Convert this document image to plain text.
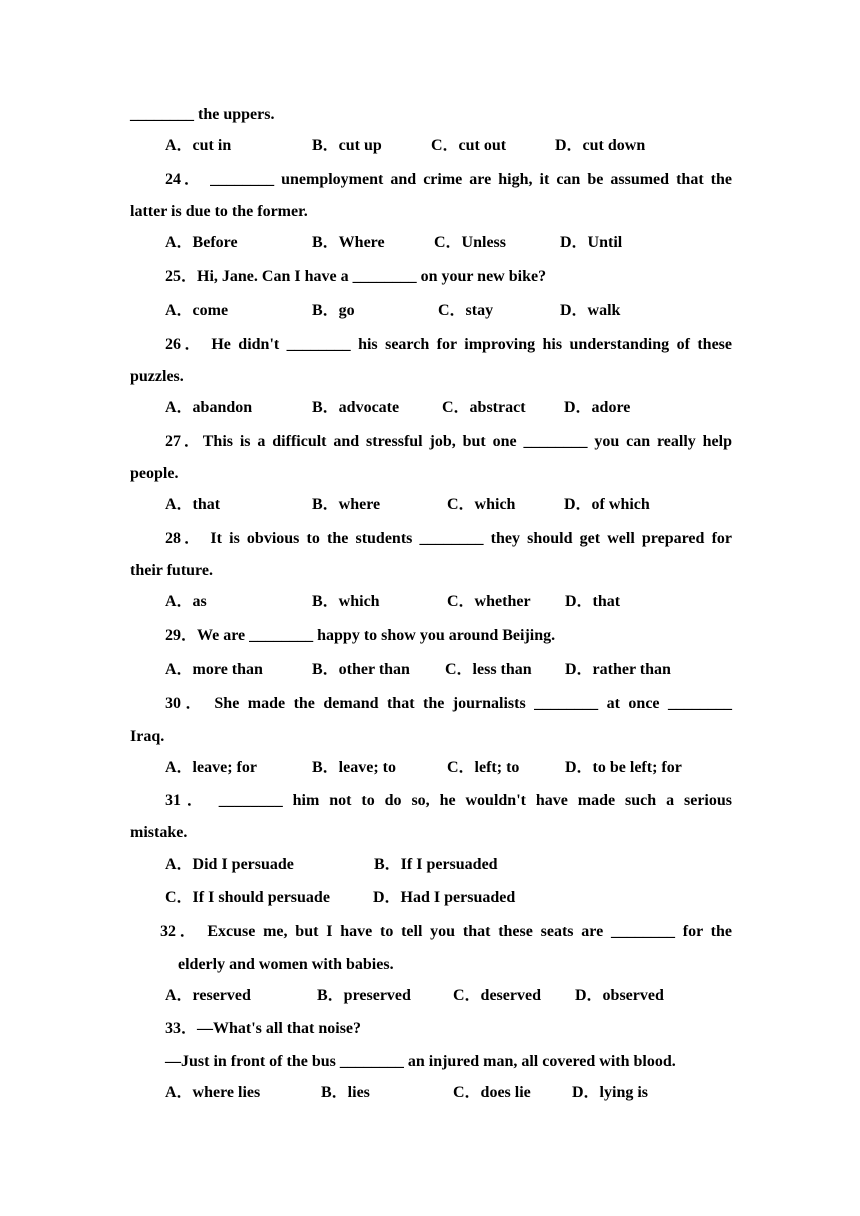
________ the uppers.
A．cut in	B．cut up	C．cut out	D．cut down
24． ________ unemployment and crime are high, it can be assumed that the
latter is due to the former.
A．Before	B．Where	C．Unless	D．Until
25．Hi, Jane. Can I have a ________ on your new bike?
A．come	B．go	C．stay	D．walk
26． He didn't ________ his search for improving his understanding of these
puzzles.
A．abandon	B．advocate	C．abstract D．adore
27．This is a difficult and stressful job, but one ________ you can really help
people.
A．that	B．where	C．which	D．of which
28． It is obvious to the students ________ they should get well prepared for
their future.
A．as	B．which	C．whether D．that
29．We are ________ happy to show you around Beijing.
A．more than	B．other than C．less than D．rather than
30． She made the demand that the journalists ________ at once ________
Iraq.
A．leave; for	B．leave; to	C．left; to	D．to be left; for
31． ________ him not to do so, he wouldn't have made such a serious
mistake.
A．Did I persuade	B．If I persuaded
C．If I should persuade	D．Had I persuaded
32． Excuse me, but I have to tell you that these seats are ________ for the
elderly and women with babies.
A．reserved	B．preserved	C．deserved D．observed
33．—What's all that noise?
—Just in front of the bus ________ an injured man, all covered with blood.
A．where lies	B．lies	C．does lie	D．lying is
